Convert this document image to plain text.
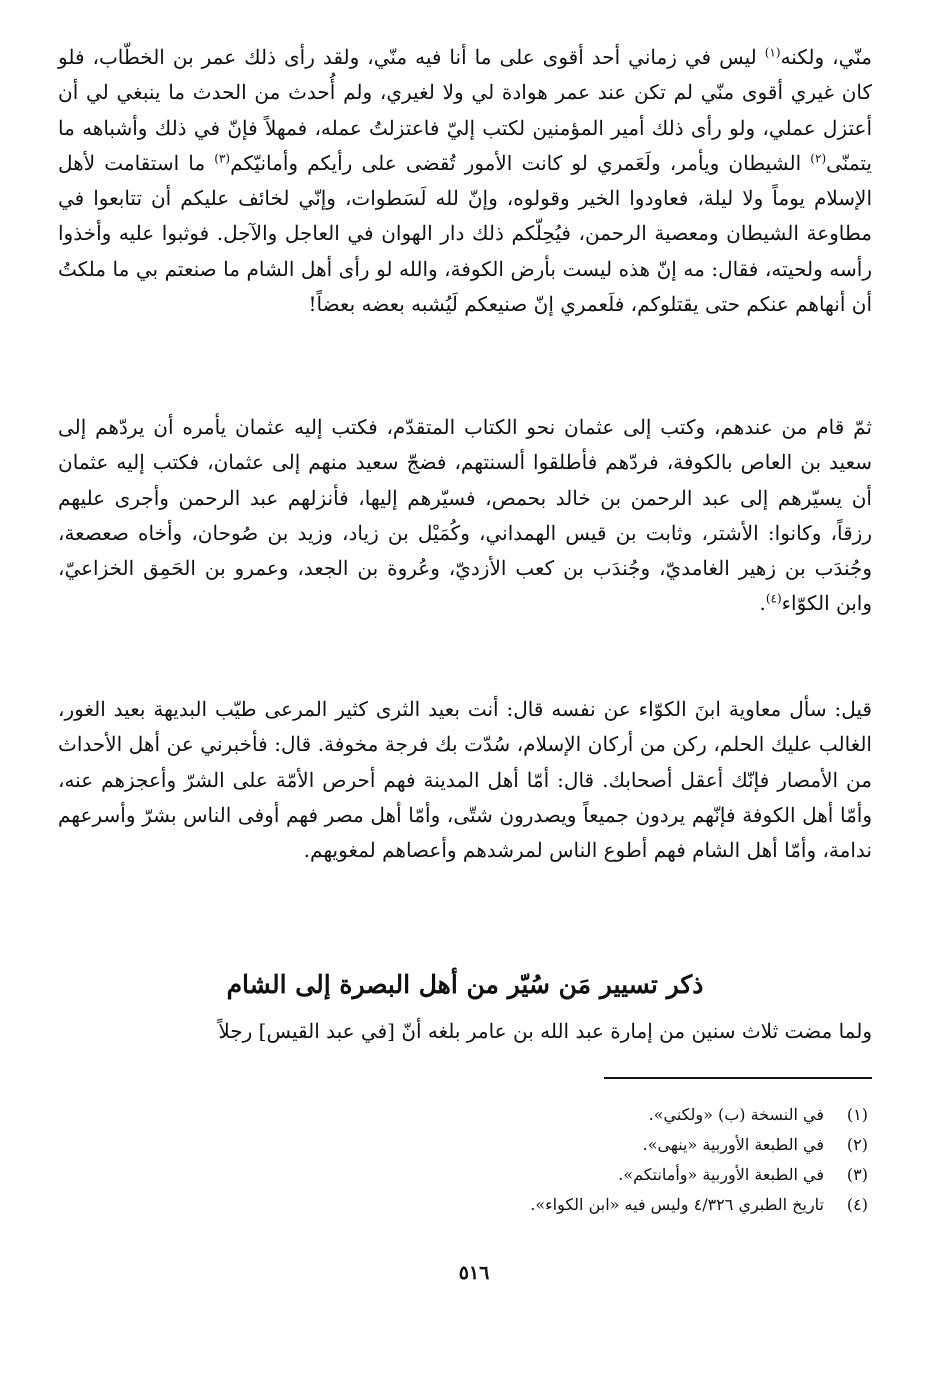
منّي، ولكنه$^{(١)}$ ليس في زماني أحد أقوى على ما أنا فيه منّي، ولقد رأى ذلك عمر بن الخطّاب، فلو كان غيري أقوى منّي لم تكن عند عمر هوادة لي ولا لغيري، ولم أُحدث من الحدث ما ينبغي لي أن أعتزل عملي، ولو رأى ذلك أمير المؤمنين لكتب إليّ فاعتزلتُ عمله، فمهلاً فإنّ في ذلك وأشباهه ما يتمنّى$^{(٢)}$ الشيطان ويأمر، ولَعَمري لو كانت الأمور تُقضى على رأيكم وأمانيّكم$^{(٣)}$ ما استقامت لأهل الإسلام يوماً ولا ليلة، فعاودوا الخير وقولوه، وإنّ لله لَسَطوات، وإنّي لخائف عليكم أن تتابعوا في مطاوعة الشيطان ومعصية الرحمن، فيُحِلّكم ذلك دار الهوان في العاجل والآجل. فوثبوا عليه وأخذوا رأسه ولحيته، فقال: مه إنّ هذه ليست بأرض الكوفة، والله لو رأى أهل الشام ما صنعتم بي ما ملكتُ أن أنهاهم عنكم حتى يقتلوكم، فلَعمري إنّ صنيعكم لَيُشبه بعضه بعضاً!

ثمّ قام من عندهم، وكتب إلى عثمان نحو الكتاب المتقدّم، فكتب إليه عثمان يأمره أن يردّهم إلى سعيد بن العاص بالكوفة، فردّهم فأطلقوا ألسنتهم، فضجّ سعيد منهم إلى عثمان، فكتب إليه عثمان أن يسيّرهم إلى عبد الرحمن بن خالد بحمص، فسيّرهم إليها، فأنزلهم عبد الرحمن وأجرى عليهم رزقاً، وكانوا: الأشتر، وثابت بن قيس الهمداني، وكُمَيْل بن زياد، وزيد بن صُوحان، وأخاه صعصعة، وجُندَب بن زهير الغامديّ، وجُندَب بن كعب الأزديّ، وعُروة بن الجعد، وعمرو بن الحَمِق الخزاعيّ، وابن الكوّاء$^{(٤)}$.

قيل: سأل معاوية ابنَ الكوّاء عن نفسه قال: أنت بعيد الثرى كثير المرعى طيّب البديهة بعيد الغور، الغالب عليك الحلم، ركن من أركان الإسلام، سُدّت بك فرجة مخوفة. قال: فأخبرني عن أهل الأحداث من الأمصار فإنّك أعقل أصحابك. قال: أمّا أهل المدينة فهم أحرص الأمّة على الشرّ وأعجزهم عنه، وأمّا أهل الكوفة فإنّهم يردون جميعاً ويصدرون شتّى، وأمّا أهل مصر فهم أوفى الناس بشرّ وأسرعهم ندامة، وأمّا أهل الشام فهم أطوع الناس لمرشدهم وأعصاهم لمغويهم.

ذكر تسيير مَن سُيّر من أهل البصرة إلى الشام

ولما مضت ثلاث سنين من إمارة عبد الله بن عامر بلغه أنّ [في عبد القيس] رجلاً

(١)
في النسخة (ب) «ولكني».
(٢)
في الطبعة الأوربية «ينهى».
(٣)
في الطبعة الأوربية «وأمانتكم».
(٤)
تاريخ الطبري ٤/٣٢٦ وليس فيه «ابن الكواء».
٥١٦
